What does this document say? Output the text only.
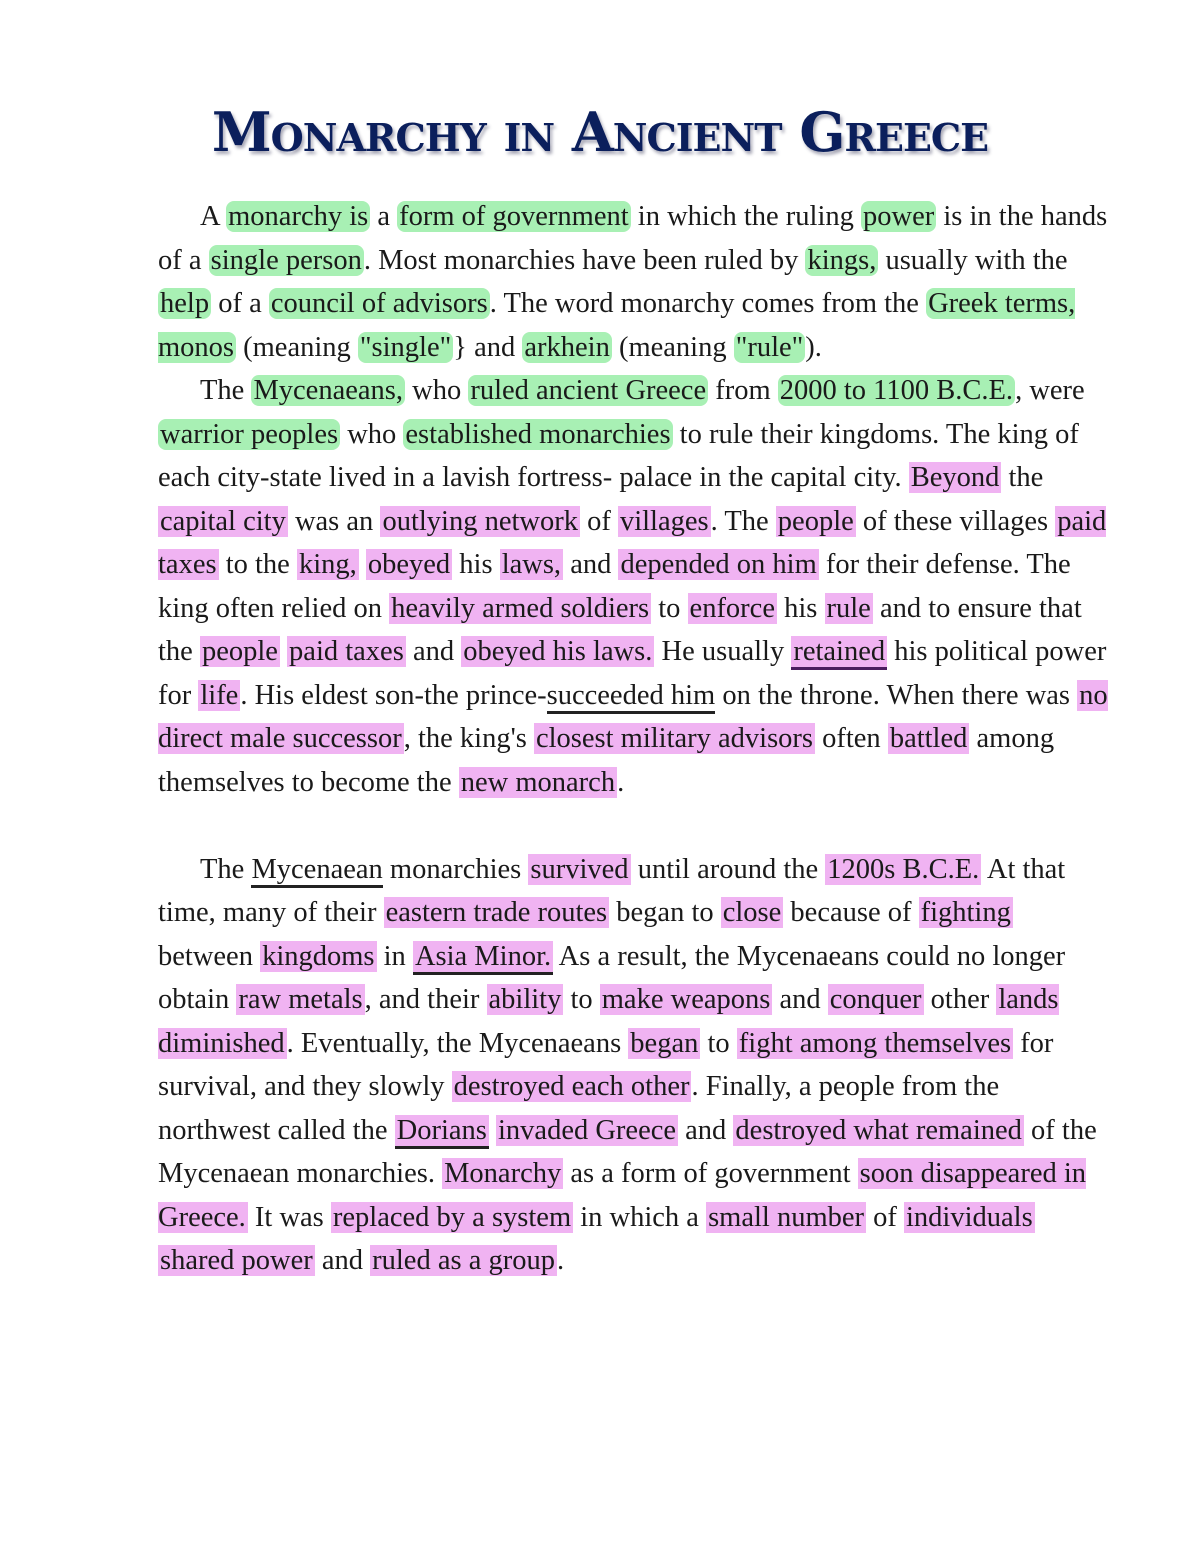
Monarchy in Ancient Greece

A monarchy is a form of government in which the ruling power is in the hands of a single person. Most monarchies have been ruled by kings, usually with the help of a council of advisors. The word monarchy comes from the Greek terms, monos (meaning "single"} and arkhein (meaning "rule").

The Mycenaeans, who ruled ancient Greece from 2000 to 1100 B.C.E., were warrior peoples who established monarchies to rule their kingdoms. The king of each city-state lived in a lavish fortress- palace in the capital city. Beyond the capital city was an outlying network of villages. The people of these villages paid taxes to the king, obeyed his laws, and depended on him for their defense. The king often relied on heavily armed soldiers to enforce his rule and to ensure that the people paid taxes and obeyed his laws. He usually retained his political power for life. His eldest son-the prince-succeeded him on the throne. When there was no direct male successor, the king's closest military advisors often battled among themselves to become the new monarch.

The Mycenaean monarchies survived until around the 1200s B.C.E. At that time, many of their eastern trade routes began to close because of fighting between kingdoms in Asia Minor. As a result, the Mycenaeans could no longer obtain raw metals, and their ability to make weapons and conquer other lands diminished. Eventually, the Mycenaeans began to fight among themselves for survival, and they slowly destroyed each other. Finally, a people from the northwest called the Dorians invaded Greece and destroyed what remained of the Mycenaean monarchies. Monarchy as a form of government soon disappeared in Greece. It was replaced by a system in which a small number of individuals shared power and ruled as a group.
